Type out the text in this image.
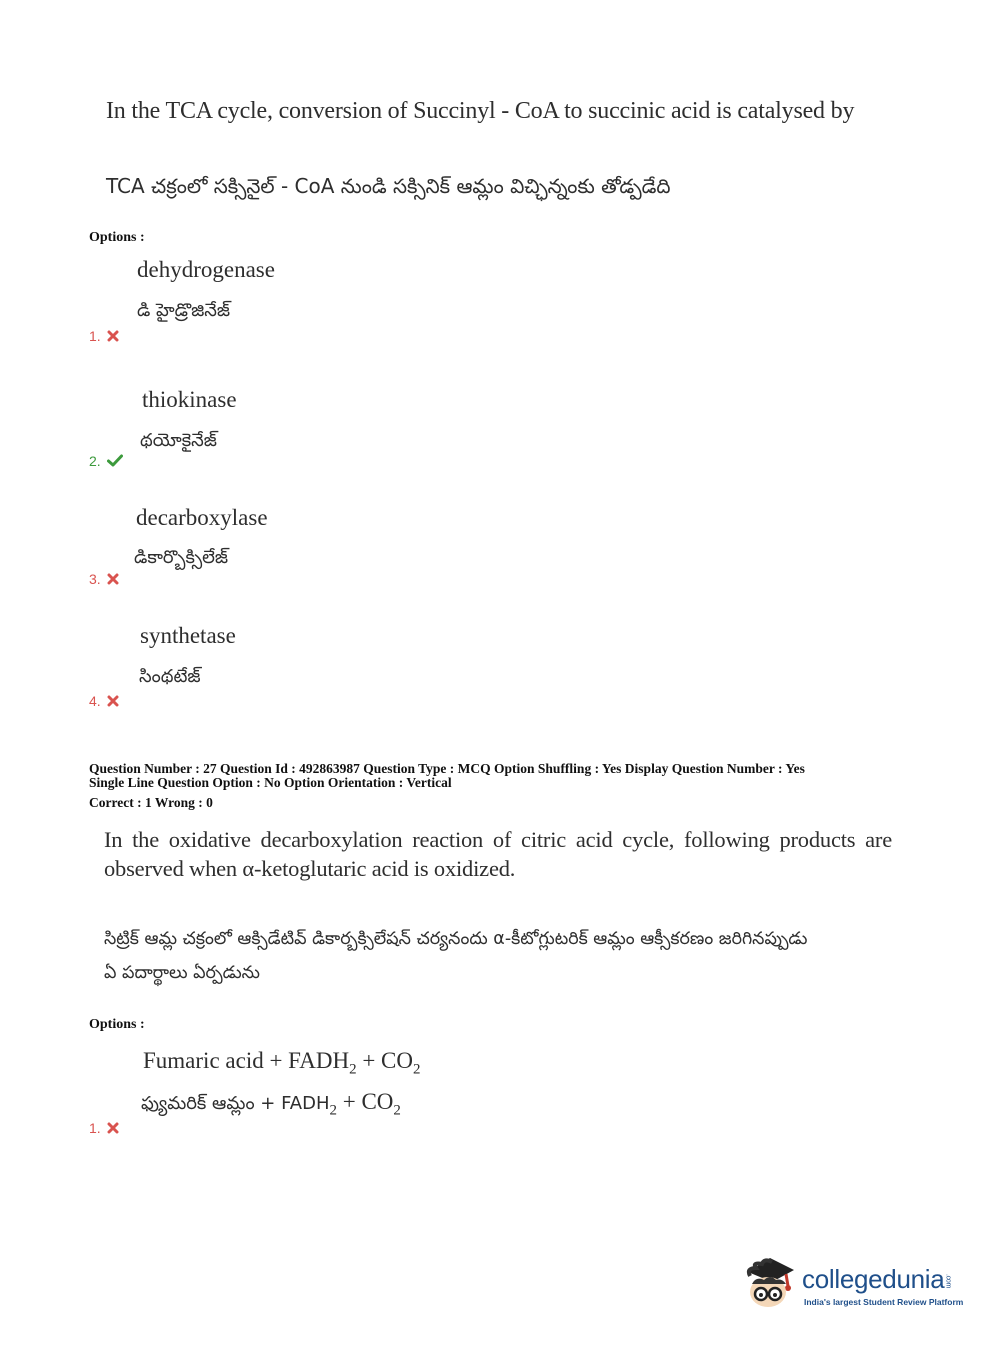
In the TCA cycle, conversion of Succinyl - CoA to succinic acid is catalysed by
TCA చక్రంలో సక్సినైల్ - CoA నుండి సక్సినిక్ ఆమ్లం విచ్ఛిన్నంకు తోడ్పడేది
Options :
dehydrogenase
డి హైడ్రొజినేజ్
1.
thiokinase
థయోకైనేజ్
2.
decarboxylase
డికార్బొక్సిలేజ్
3.
synthetase
సింథటేజ్
4.
Question Number : 27 Question Id : 492863987 Question Type : MCQ Option Shuffling : Yes Display Question Number : Yes
Single Line Question Option : No Option Orientation : Vertical
Correct : 1 Wrong : 0
In the oxidative decarboxylation reaction of citric acid cycle, following products are
observed when α-ketoglutaric acid is oxidized.
సిట్రిక్ ఆమ్ల చక్రంలో ఆక్సిడేటివ్ డికార్బక్సిలేషన్ చర్యనందు α-కీటోగ్లుటరిక్ ఆమ్లం ఆక్సీకరణం జరిగినప్పుడు
ఏ పదార్థాలు ఏర్పడును
Options :
Fumaric acid + $FADH_2 + CO_2$
ఫ్యుమరిక్ ఆమ్లం + $FADH_2 + CO_2$
1.
collegedunia.com
India's largest Student Review Platform
